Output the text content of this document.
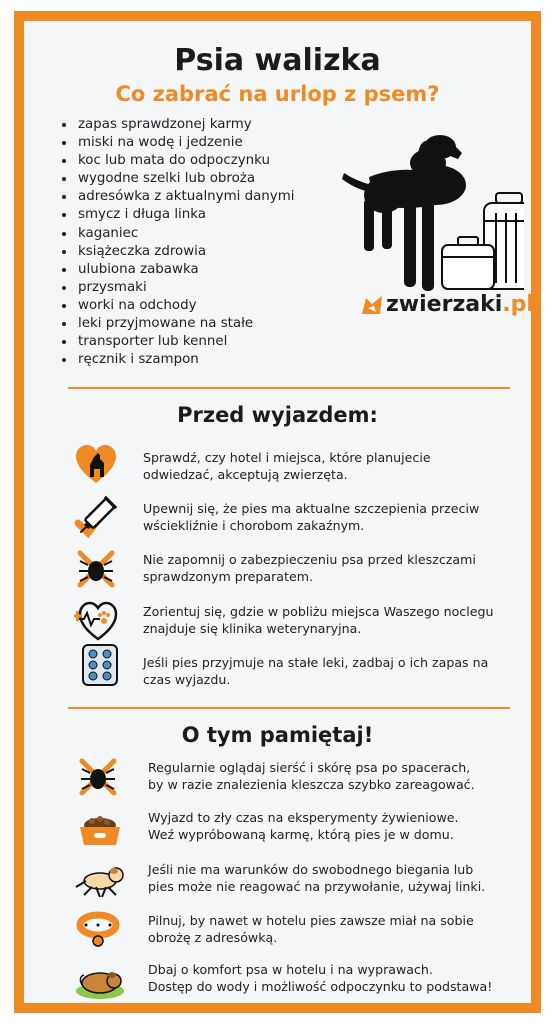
Psia walizka
Co zabrać na urlop z psem?
• zapas sprawdzonej karmy
• miski na wodę i jedzenie
• koc lub mata do odpoczynku
• wygodne szelki lub obroża
• adresówka z aktualnymi danymi
• smycz i długa linka
• kaganiec
• książeczka zdrowia
• ulubiona zabawka
• przysmaki
• worki na odchody
• leki przyjmowane na stałe
• transporter lub kennel
• ręcznik i szampon
zwierzaki.pl
Przed wyjazdem:
Sprawdź, czy hotel i miejsca, które planujecie
odwiedzać, akceptują zwierzęta.
Upewnij się, że pies ma aktualne szczepienia przeciw
wściekliźnie i chorobom zakaźnym.
Nie zapomnij o zabezpieczeniu psa przed kleszczami
sprawdzonym preparatem.
Zorientuj się, gdzie w pobliżu miejsca Waszego noclegu
znajduje się klinika weterynaryjna.
Jeśli pies przyjmuje na stałe leki, zadbaj o ich zapas na
czas wyjazdu.
O tym pamiętaj!
Regularnie oglądaj sierść i skórę psa po spacerach,
by w razie znalezienia kleszcza szybko zareagować.
Wyjazd to zły czas na eksperymenty żywieniowe.
Weź wypróbowaną karmę, którą pies je w domu.
Jeśli nie ma warunków do swobodnego biegania lub
pies może nie reagować na przywołanie, używaj linki.
Pilnuj, by nawet w hotelu pies zawsze miał na sobie
obrożę z adresówką.
Dbaj o komfort psa w hotelu i na wyprawach.
Dostęp do wody i możliwość odpoczynku to podstawa!
